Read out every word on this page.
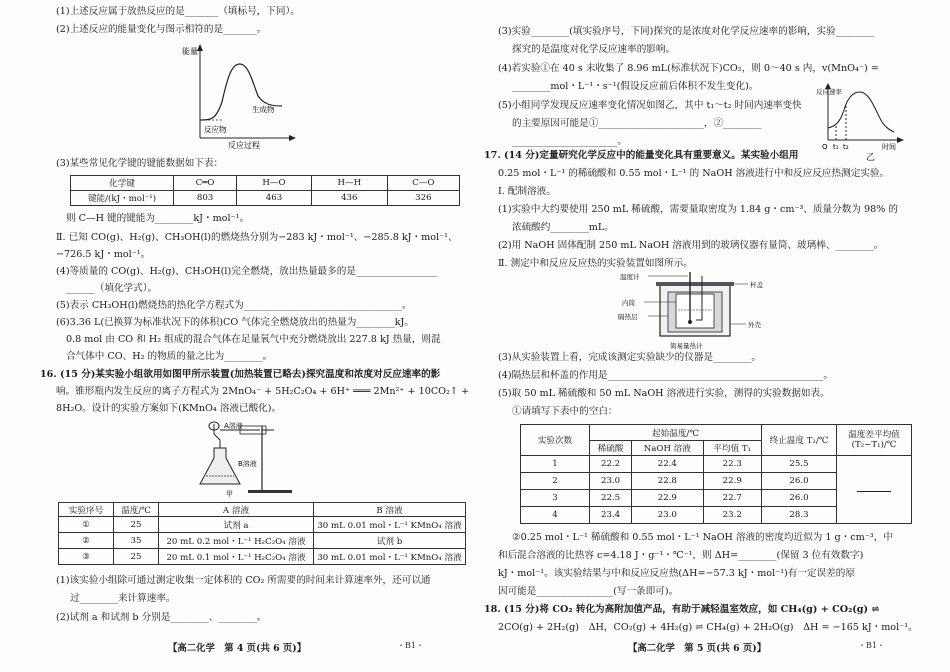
(1)上述反应属于放热反应的是_______（填标号，下同）。
(2)上述反应的能量变化与图示相符的是_______。
能量
生成物
反应物
反应过程
(3)某些常见化学键的键能数据如下表：
化学键	C═O	H—O	H—H	C—O
键能/(kJ・mol⁻¹)	803	463	436	326
则 C—H 键的键能为________kJ・mol⁻¹。
Ⅱ. 已知 CO(g)、H₂(g)、CH₃OH(l)的燃烧热分别为−283 kJ・mol⁻¹、−285.8 kJ・mol⁻¹、
−726.5 kJ・mol⁻¹。
(4)等质量的 CO(g)、H₂(g)、CH₃OH(l)完全燃烧，放出热量最多的是_________________
______（填化学式）。
(5)表示 CH₃OH(l)燃烧热的热化学方程式为_________________________________。
(6)3.36 L(已换算为标准状况下的体积)CO 气体完全燃烧放出的热量为________kJ。
0.8 mol 由 CO 和 H₂ 组成的混合气体在足量氧气中充分燃烧放出 227.8 kJ 热量，则混
合气体中 CO、H₂ 的物质的量之比为________。
16. (15 分)某实验小组欲用如图甲所示装置(加热装置已略去)探究温度和浓度对反应速率的影
响。锥形瓶内发生反应的离子方程式为 2MnO₄⁻ + 5H₂C₂O₄ + 6H⁺ ═══ 2Mn²⁺ + 10CO₂↑ +
8H₂O。设计的实验方案如下(KMnO₄ 溶液已酸化)。
A溶液
B溶液
甲
实验序号	温度/℃	A 溶液	B 溶液
①	25	试剂 a	30 mL 0.01 mol・L⁻¹ KMnO₄ 溶液
②	35	20 mL 0.2 mol・L⁻¹ H₂C₂O₄ 溶液	试剂 b
③	25	20 mL 0.1 mol・L⁻¹ H₂C₂O₄ 溶液	30 mL 0.01 mol・L⁻¹ KMnO₄ 溶液
(1)该实验小组除可通过测定收集一定体积的 CO₂ 所需要的时间来计算速率外，还可以通
过________来计算速率。
(2)试剂 a 和试剂 b 分别是________、________。
【高二化学　第 4 页(共 6 页)】	・B1・
(3)实验________(填实验序号，下同)探究的是浓度对化学反应速率的影响，实验________
探究的是温度对化学反应速率的影响。
(4)若实验①在 40 s 末收集了 8.96 mL(标准状况下)CO₂，则 0～40 s 内，v(MnO₄⁻) =
________mol・L⁻¹・s⁻¹(假设反应前后体积不发生变化)。
(5)小组同学发现反应速率变化情况如图乙，其中 t₁～t₂ 时间内速率变快
的主要原因可能是①______________________，②________
______________________。
反应速率
O t₁ t₂	时间
乙
17. (14 分)定量研究化学反应中的能量变化具有重要意义。某实验小组用
0.25 mol・L⁻¹ 的稀硫酸和 0.55 mol・L⁻¹ 的 NaOH 溶液进行中和反应反应热测定实验。
Ⅰ. 配制溶液。
(1)实验中大约要使用 250 mL 稀硫酸，需要量取密度为 1.84 g・cm⁻³、质量分数为 98% 的
浓硫酸约________mL。
(2)用 NaOH 固体配制 250 mL NaOH 溶液用到的玻璃仪器有量筒、玻璃棒、________。
Ⅱ. 测定中和反应反应热的实验装置如图所示。
温度计
杯盖
内筒
隔热层
外壳
简易量热计
(3)从实验装置上看，完成该测定实验缺少的仪器是________。
(4)隔热层和杯盖的作用是_____________________________________________。
(5)取 50 mL 稀硫酸和 50 mL NaOH 溶液进行实验，测得的实验数据如表。
①请填写下表中的空白：
实验次数	起始温度/℃			终止温度 T₂/℃	温度差平均值(T₂−T₁)/℃
	稀硫酸	NaOH 溶液	平均值 T₁		
1	22.2	22.4	22.3	25.5	
2	23.0	22.8	22.9	26.0	
3	22.5	22.9	22.7	26.0	
4	23.4	23.0	23.2	28.3	
②0.25 mol・L⁻¹ 稀硫酸和 0.55 mol・L⁻¹ NaOH 溶液的密度均近似为 1 g・cm⁻³，中
和后混合溶液的比热容 c=4.18 J・g⁻¹・℃⁻¹，则 ΔH=________(保留 3 位有效数字)
kJ・mol⁻¹。该实验结果与中和反应反应热(ΔH=−57.3 kJ・mol⁻¹)有一定误差的原
因可能是________________(写一条即可)。
18. (15 分)将 CO₂ 转化为高附加值产品，有助于减轻温室效应，如 CH₄(g) + CO₂(g) ⇌
2CO(g) + 2H₂(g)　ΔH，CO₂(g) + 4H₂(g) ⇌ CH₄(g) + 2H₂O(g)　ΔH = −165 kJ・mol⁻¹。
【高二化学　第 5 页(共 6 页)】	・B1・
